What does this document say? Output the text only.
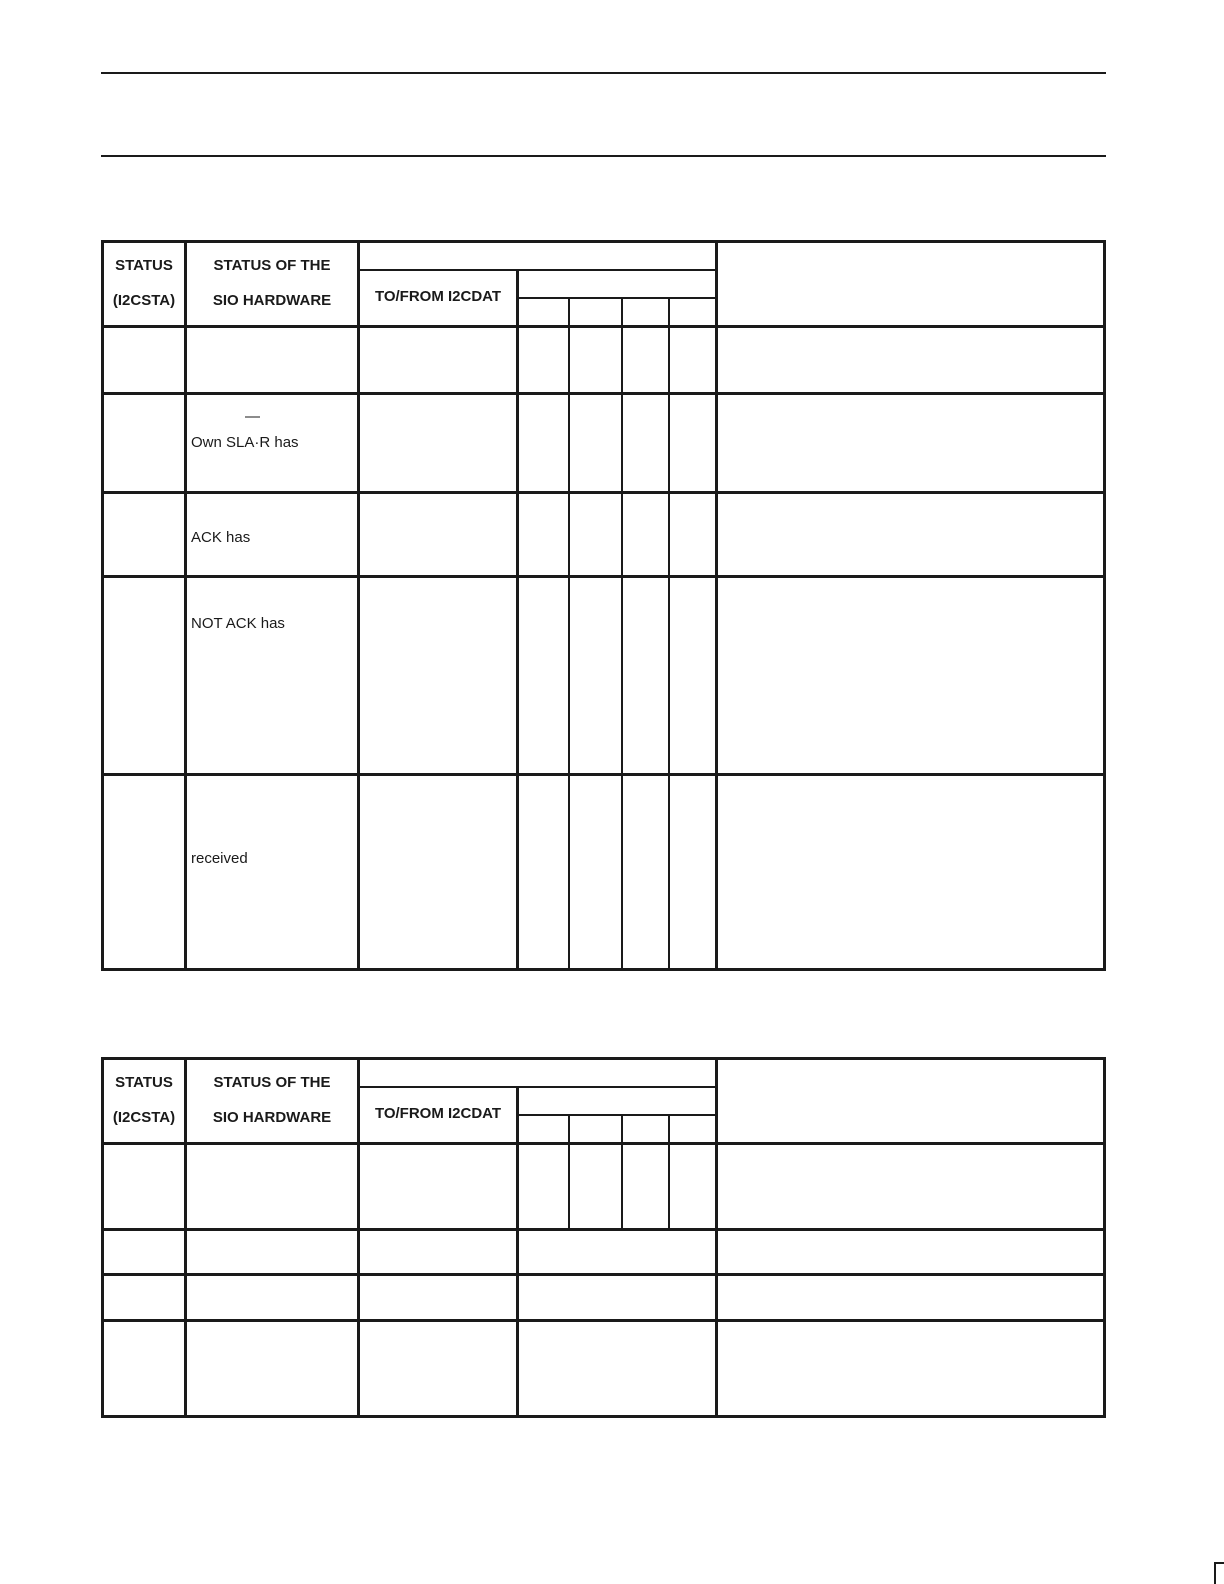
STATUS
(I2CSTA)
STATUS OF THE
SIO HARDWARE	TO/FROM I2CDAT
—
Own SLA·R has
ACK has
NOT ACK has
received
STATUS
(I2CSTA)
STATUS OF THE
SIO HARDWARE	TO/FROM I2CDAT
